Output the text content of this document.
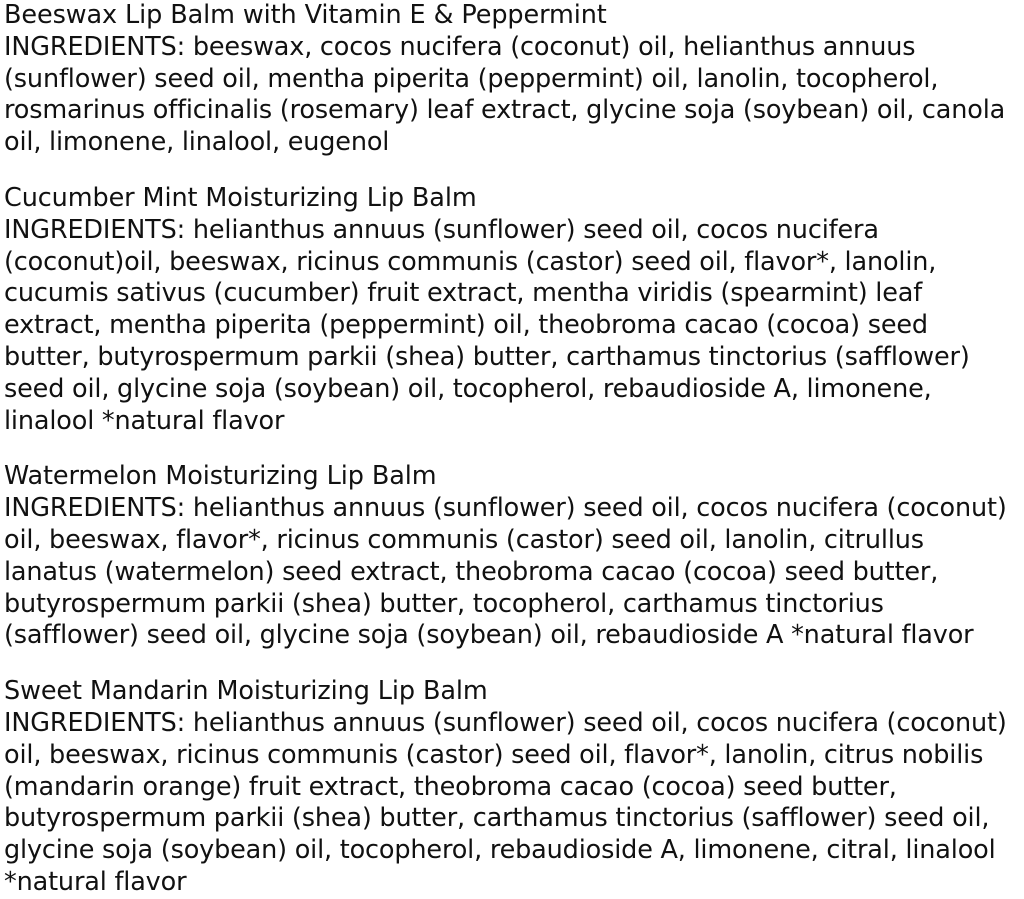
Beeswax Lip Balm with Vitamin E & Peppermint

INGREDIENTS: beeswax, cocos nucifera (coconut) oil, helianthus annuus (sunflower) seed oil, mentha piperita (peppermint) oil, lanolin, tocopherol, rosmarinus officinalis (rosemary) leaf extract, glycine soja (soybean) oil, canola oil, limonene, linalool, eugenol

Cucumber Mint Moisturizing Lip Balm

INGREDIENTS: helianthus annuus (sunflower) seed oil, cocos nucifera (coconut)oil, beeswax, ricinus communis (castor) seed oil, flavor*, lanolin, cucumis sativus (cucumber) fruit extract, mentha viridis (spearmint) leaf extract, mentha piperita (peppermint) oil, theobroma cacao (cocoa) seed butter, butyrospermum parkii (shea) butter, carthamus tinctorius (safflower) seed oil, glycine soja (soybean) oil, tocopherol, rebaudioside A, limonene, linalool *natural flavor

Watermelon Moisturizing Lip Balm

INGREDIENTS: helianthus annuus (sunflower) seed oil, cocos nucifera (coconut) oil, beeswax, flavor*, ricinus communis (castor) seed oil, lanolin, citrullus lanatus (watermelon) seed extract, theobroma cacao (cocoa) seed butter, butyrospermum parkii (shea) butter, tocopherol, carthamus tinctorius (safflower) seed oil, glycine soja (soybean) oil, rebaudioside A *natural flavor

Sweet Mandarin Moisturizing Lip Balm

INGREDIENTS: helianthus annuus (sunflower) seed oil, cocos nucifera (coconut) oil, beeswax, ricinus communis (castor) seed oil, flavor*, lanolin, citrus nobilis (mandarin orange) fruit extract, theobroma cacao (cocoa) seed butter, butyrospermum parkii (shea) butter, carthamus tinctorius (safflower) seed oil, glycine soja (soybean) oil, tocopherol, rebaudioside A, limonene, citral, linalool *natural flavor
